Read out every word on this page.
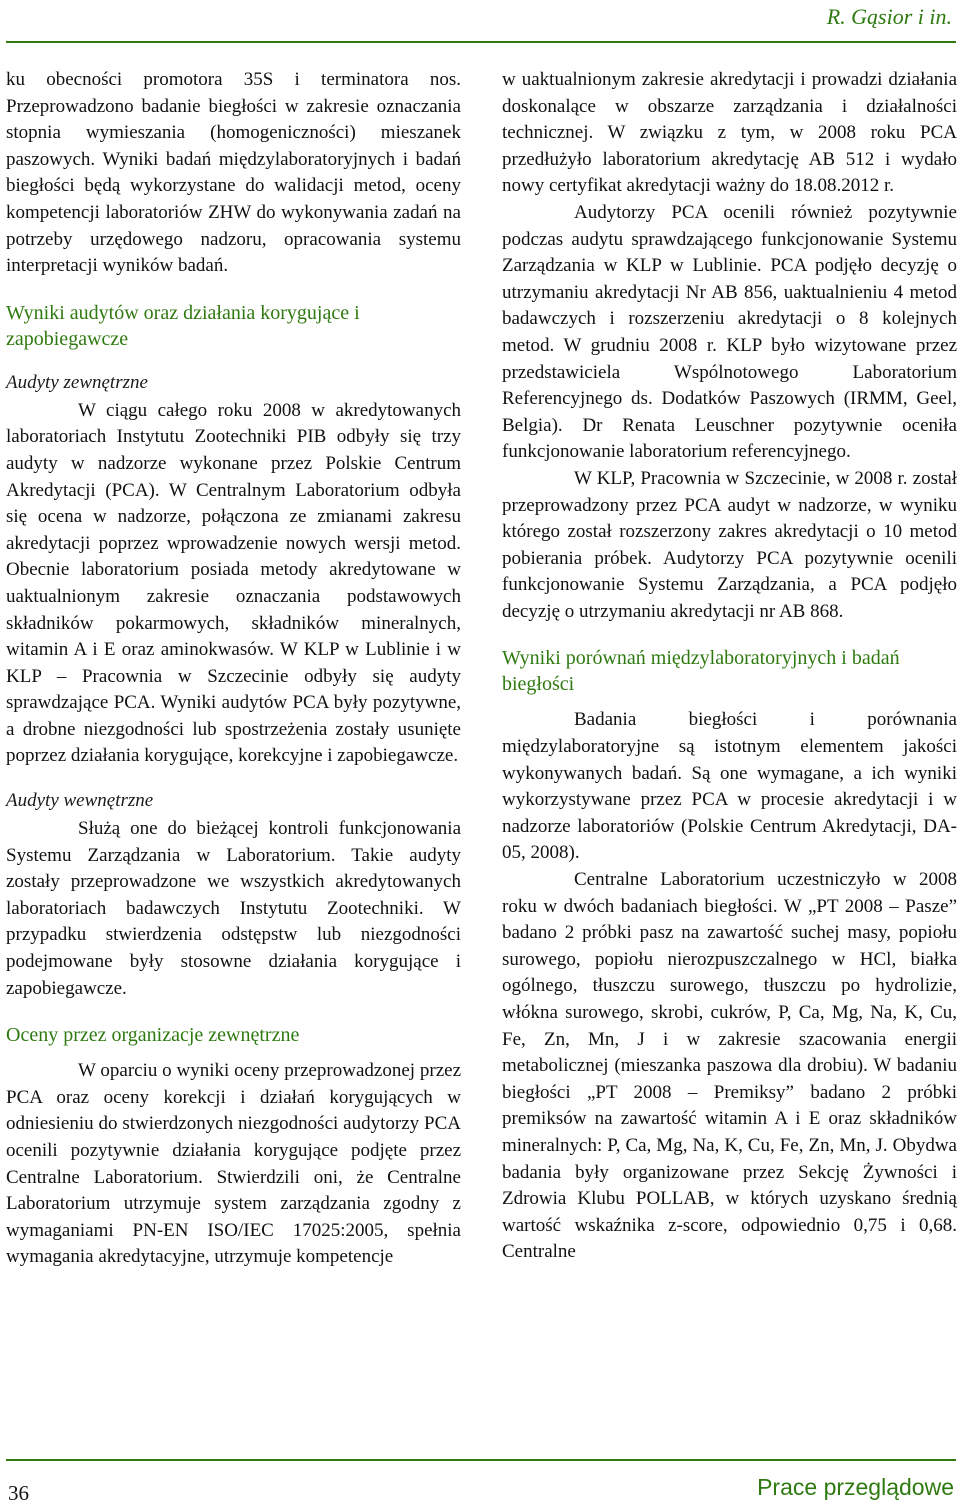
R. Gąsior i in.

ku obecności promotora 35S i terminatora nos. Przeprowadzono badanie biegłości w zakresie oznaczania stopnia wymieszania (homogeniczności) mieszanek paszowych. Wyniki badań międzylaboratoryjnych i badań biegłości będą wykorzystane do walidacji metod, oceny kompetencji laboratoriów ZHW do wykonywania zadań na potrzeby urzędowego nadzoru, opracowania systemu interpretacji wyników badań.

Wyniki audytów oraz działania korygujące i zapobiegawcze
Audyty zewnętrzne

W ciągu całego roku 2008 w akredytowanych laboratoriach Instytutu Zootechniki PIB odbyły się trzy audyty w nadzorze wykonane przez Polskie Centrum Akredytacji (PCA). W Centralnym Laboratorium odbyła się ocena w nadzorze, połączona ze zmianami zakresu akredytacji poprzez wprowadzenie nowych wersji metod. Obecnie laboratorium posiada metody akredytowane w uaktualnionym zakresie oznaczania podstawowych składników pokarmowych, składników mineralnych, witamin A i E oraz aminokwasów. W KLP w Lublinie i w KLP – Pracownia w Szczecinie odbyły się audyty sprawdzające PCA. Wyniki audytów PCA były pozytywne, a drobne niezgodności lub spostrzeżenia zostały usunięte poprzez działania korygujące, korekcyjne i zapobiegawcze.

Audyty wewnętrzne

Służą one do bieżącej kontroli funkcjonowania Systemu Zarządzania w Laboratorium. Takie audyty zostały przeprowadzone we wszystkich akredytowanych laboratoriach badawczych Instytutu Zootechniki. W przypadku stwierdzenia odstępstw lub niezgodności podejmowane były stosowne działania korygujące i zapobiegawcze.

Oceny przez organizacje zewnętrzne

W oparciu o wyniki oceny przeprowadzonej przez PCA oraz oceny korekcji i działań korygujących w odniesieniu do stwierdzonych niezgodności audytorzy PCA ocenili pozytywnie działania korygujące podjęte przez Centralne Laboratorium. Stwierdzili oni, że Centralne Laboratorium utrzymuje system zarządzania zgodny z wymaganiami PN-EN ISO/IEC 17025:2005, spełnia wymagania akredytacyjne, utrzymuje kompetencje

w uaktualnionym zakresie akredytacji i prowadzi działania doskonalące w obszarze zarządzania i działalności technicznej. W związku z tym, w 2008 roku PCA przedłużyło laboratorium akredytację AB 512 i wydało nowy certyfikat akredytacji ważny do 18.08.2012 r.

Audytorzy PCA ocenili również pozytywnie podczas audytu sprawdzającego funkcjonowanie Systemu Zarządzania w KLP w Lublinie. PCA podjęło decyzję o utrzymaniu akredytacji Nr AB 856, uaktualnieniu 4 metod badawczych i rozszerzeniu akredytacji o 8 kolejnych metod. W grudniu 2008 r. KLP było wizytowane przez przedstawiciela Wspólnotowego Laboratorium Referencyjnego ds. Dodatków Paszowych (IRMM, Geel, Belgia). Dr Renata Leuschner pozytywnie oceniła funkcjonowanie laboratorium referencyjnego.

W KLP, Pracownia w Szczecinie, w 2008 r. został przeprowadzony przez PCA audyt w nadzorze, w wyniku którego został rozszerzony zakres akredytacji o 10 metod pobierania próbek. Audytorzy PCA pozytywnie ocenili funkcjonowanie Systemu Zarządzania, a PCA podjęło decyzję o utrzymaniu akredytacji nr AB 868.

Wyniki porównań międzylaboratoryjnych i badań biegłości

Badania biegłości i porównania międzylaboratoryjne są istotnym elementem jakości wykonywanych badań. Są one wymagane, a ich wyniki wykorzystywane przez PCA w procesie akredytacji i w nadzorze laboratoriów (Polskie Centrum Akredytacji, DA-05, 2008).

Centralne Laboratorium uczestniczyło w 2008 roku w dwóch badaniach biegłości. W „PT 2008 – Pasze” badano 2 próbki pasz na zawartość suchej masy, popiołu surowego, popiołu nierozpuszczalnego w HCl, białka ogólnego, tłuszczu surowego, tłuszczu po hydrolizie, włókna surowego, skrobi, cukrów, P, Ca, Mg, Na, K, Cu, Fe, Zn, Mn, J i w zakresie szacowania energii metabolicznej (mieszanka paszowa dla drobiu). W badaniu biegłości „PT 2008 – Premiksy” badano 2 próbki premiksów na zawartość witamin A i E oraz składników mineralnych: P, Ca, Mg, Na, K, Cu, Fe, Zn, Mn, J. Obydwa badania były organizowane przez Sekcję Żywności i Zdrowia Klubu POLLAB, w których uzyskano średnią wartość wskaźnika z-score, odpowiednio 0,75 i 0,68. Centralne

36	Prace przeglądowe
